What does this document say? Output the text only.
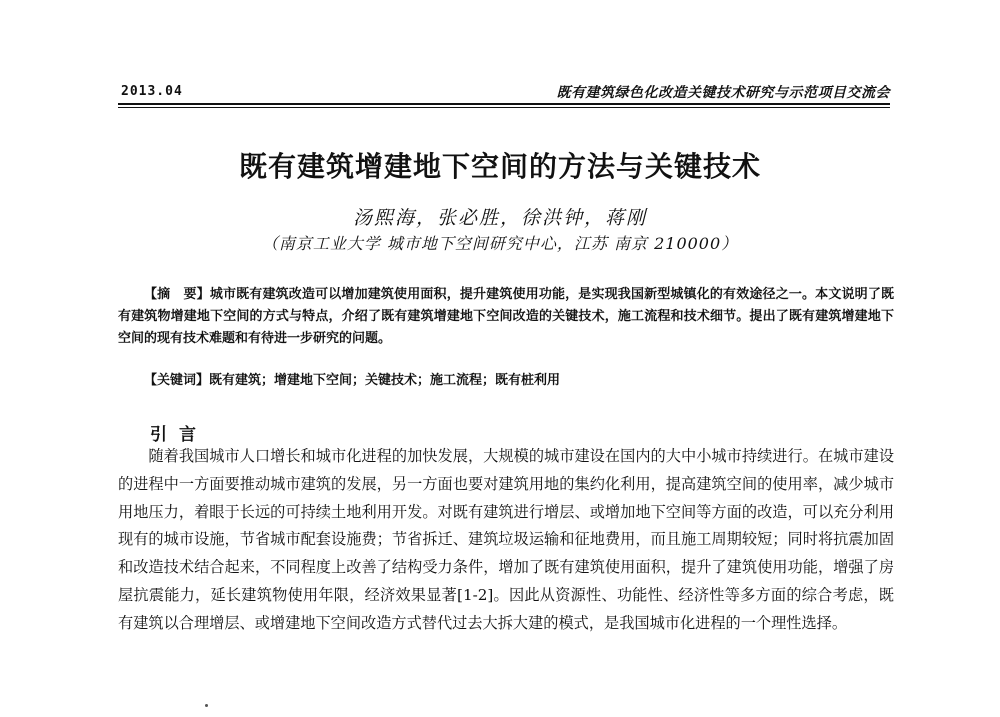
2013.04	既有建筑绿色化改造关键技术研究与示范项目交流会
既有建筑增建地下空间的方法与关键技术
汤熙海，张必胜，徐洪钟，蒋刚
（南京工业大学 城市地下空间研究中心，江苏 南京 210000）
【摘　要】城市既有建筑改造可以增加建筑使用面积，提升建筑使用功能，是实现我国新型城镇化的有效途径之一。本文说明了既有建筑物增建地下空间的方式与特点，介绍了既有建筑增建地下空间改造的关键技术，施工流程和技术细节。提出了既有建筑增建地下空间的现有技术难题和有待进一步研究的问题。
【关键词】既有建筑；增建地下空间；关键技术；施工流程；既有桩利用
引言
随着我国城市人口增长和城市化进程的加快发展，大规模的城市建设在国内的大中小城市持续进行。在城市建设的进程中一方面要推动城市建筑的发展，另一方面也要对建筑用地的集约化利用，提高建筑空间的使用率，减少城市用地压力，着眼于长远的可持续土地利用开发。对既有建筑进行增层、或增加地下空间等方面的改造，可以充分利用现有的城市设施，节省城市配套设施费；节省拆迁、建筑垃圾运输和征地费用，而且施工周期较短；同时将抗震加固和改造技术结合起来，不同程度上改善了结构受力条件，增加了既有建筑使用面积，提升了建筑使用功能，增强了房屋抗震能力，延长建筑物使用年限，经济效果显著[1-2]。因此从资源性、功能性、经济性等多方面的综合考虑，既有建筑以合理增层、或增建地下空间改造方式替代过去大拆大建的模式，是我国城市化进程的一个理性选择。
